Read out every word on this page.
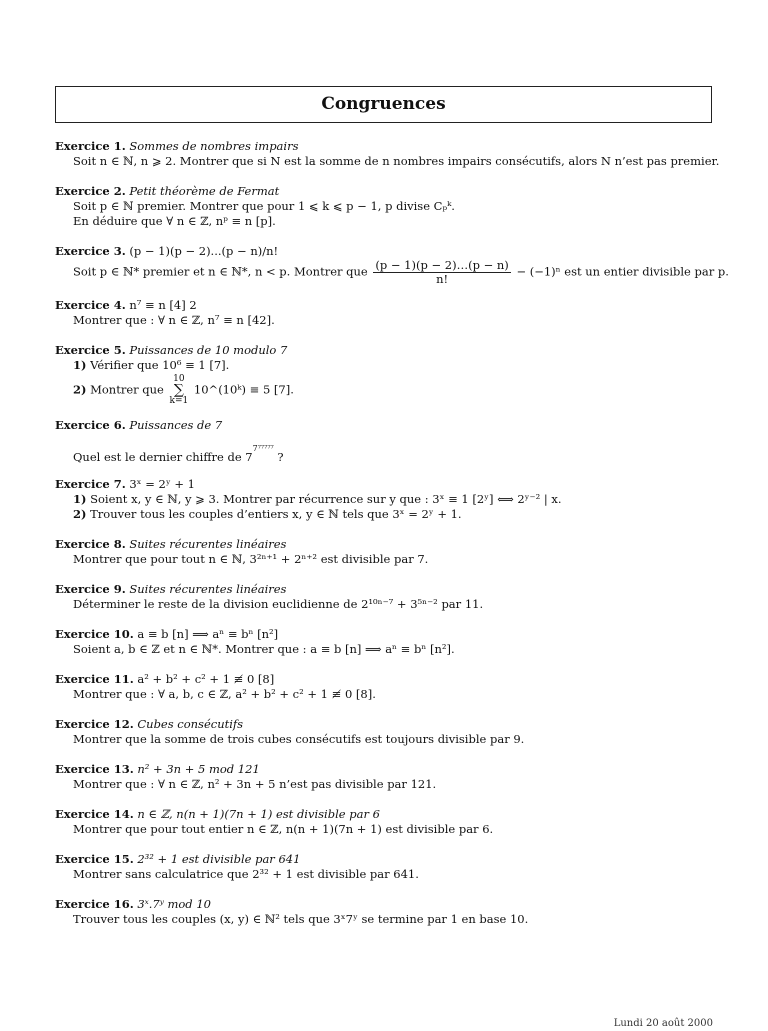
Congruences
Exercice 1. Sommes de nombres impairs
Soit n ∈ ℕ, n ⩾ 2. Montrer que si N est la somme de n nombres impairs consécutifs, alors N n’est pas premier.
Exercice 2. Petit théorème de Fermat
Soit p ∈ ℕ premier. Montrer que pour 1 ⩽ k ⩽ p − 1, p divise Cₚᵏ.
En déduire que ∀ n ∈ ℤ, nᵖ ≡ n [p].
Exercice 3. (p − 1)(p − 2)...(p − n)/n!
Soit p ∈ ℕ* premier et n ∈ ℕ*, n < p. Montrer que $\frac{(p - 1)(p - 2)\dots(p - n)}{n!} - (-1)^n$ est un entier divisible par p.
Exercice 4. n⁷ ≡ n [4] 2
Montrer que : ∀ n ∈ ℤ, n⁷ ≡ n [42].
Exercice 5. Puissances de 10 modulo 7
1) Vérifier que 10⁶ ≡ 1 [7].
2) Montrer que
10
∑
k=1
10^(10ᵏ) ≡ 5 [7].
Exercice 6. Puissances de 7
Quel est le dernier chiffre de $7^{7^{77777}}$ ?
Exercice 7. 3ˣ = 2ʸ + 1
1) Soient x, y ∈ ℕ, y ⩾ 3. Montrer par récurrence sur y que : 3ˣ ≡ 1 [2ʸ] ⟺ 2ʸ⁻² | x.
2) Trouver tous les couples d’entiers x, y ∈ ℕ tels que 3ˣ = 2ʸ + 1.
Exercice 8. Suites récurentes linéaires
Montrer que pour tout n ∈ ℕ, 3²ⁿ⁺¹ + 2ⁿ⁺² est divisible par 7.
Exercice 9. Suites récurentes linéaires
Déterminer le reste de la division euclidienne de 2¹⁰ⁿ⁻⁷ + 3⁵ⁿ⁻² par 11.
Exercice 10. a ≡ b [n] ⟹ aⁿ ≡ bⁿ [n²]
Soient a, b ∈ ℤ et n ∈ ℕ*. Montrer que : a ≡ b [n] ⟹ aⁿ ≡ bⁿ [n²].
Exercice 11. a² + b² + c² + 1 ≢ 0 [8]
Montrer que : ∀ a, b, c ∈ ℤ, a² + b² + c² + 1 ≢ 0 [8].
Exercice 12. Cubes consécutifs
Montrer que la somme de trois cubes consécutifs est toujours divisible par 9.
Exercice 13. n² + 3n + 5 mod 121
Montrer que : ∀ n ∈ ℤ, n² + 3n + 5 n’est pas divisible par 121.
Exercice 14. n ∈ ℤ, n(n + 1)(7n + 1) est divisible par 6
Montrer que pour tout entier n ∈ ℤ, n(n + 1)(7n + 1) est divisible par 6.
Exercice 15. 2³² + 1 est divisible par 641
Montrer sans calculatrice que 2³² + 1 est divisible par 641.
Exercice 16. 3ˣ.7ʸ mod 10
Trouver tous les couples (x, y) ∈ ℕ² tels que 3ˣ7ʸ se termine par 1 en base 10.
Lundi 20 août 2000
